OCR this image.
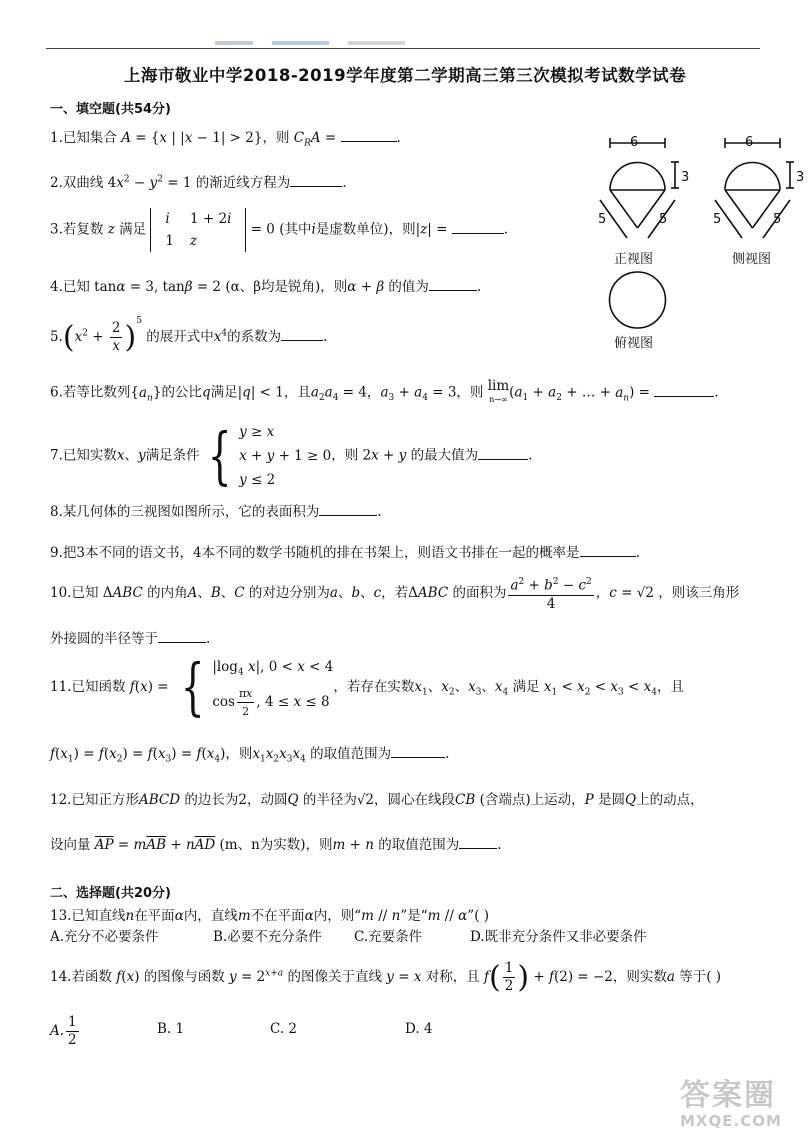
上海市敬业中学2018-2019学年度第二学期高三第三次模拟考试数学试卷
一、填空题(共54分)
1.已知集合 A = {x | |x − 1| > 2}，则 $C_RA$ =	.
2.双曲线 $4x^2 - y^2 = 1$ 的渐近线方程为	.
3.若复数 z 满足
i	1 + 2i
1	z
= 0 (其中i是虚数单位)，则|z| =	.
4.已知 tanα = 3, tanβ = 2 (α、β均是锐角)，则α + β 的值为	.
$5.(x^2 + \frac{2}{x} )^5$ 的展开式中$x^4$的系数为	.
6.若等比数列$\{a_n\}$的公比q满足|q| < 1，且$a_2a_4 = 4$，$a_3 + a_4 = 3$，则 lim
$n\to\infty(a_1 + a_2$ + … + $a_n$) =	.
7.已知实数x、y满足条件 { y ≥ x
x + y + 1 ≥ 0
y ≤ 2，则 2x + y 的最大值为	.
8.某几何体的三视图如图所示，它的表面积为	.
9.把3本不同的语文书，4本不同的数学书随机的排在书架上，则语文书排在一起的概率是	.
10.已知 ΔABC 的内角A、B、C 的对边分别为a、b、c，若ΔABC 的面积为 $\frac{a^2 + b^2 - c^2}{4}$ ，c = √2 ，则该三角形
外接圆的半径等于	.
11.已知函数 f(x) = { $|\log_4$ x|, 0 < x < 4
$\cos \frac{\pi x}{2}$ , 4 ≤ x ≤ 8，若存在实数$x_1$、$x_2$、$x_3$、$x_4$ 满足 $x_1 < x_2 < x_3 < x_4$，且
$f(x_1) = f(x_2) = f(x_3) = f(x_4)$，则$x_1x_2x_3x_4$ 的取值范围为	.
12.已知正方形ABCD 的边长为2，动圆Q 的半径为√2，圆心在线段CB (含端点)上运动，P 是圆Q上的动点，
设向量 $\overline{AP} = m\overline{AB} + n\overline{AD}$ (m、n为实数)，则m + n 的取值范围为	.
二、选择题(共20分)
13.已知直线n在平面α内，直线m不在平面α内，则“m // n”是“m // α”( )
A.充分不必要条件	B.必要不充分条件 C.充要条件	D.既非充分条件又非必要条件
14.若函数 f(x) 的图像与函数 $y = 2^{x+a}$ 的图像关于直线 y = x 对称，且 $f( \frac{1}{2}$ ) + f(2) = −2，则实数a 等于( )
A. $\frac{1}{2}$	B. 1	C. 2	D. 4
6
3
5	5
6
3
5	5
正视图	侧视图
俯视图
答案圈
MXQE.COM
